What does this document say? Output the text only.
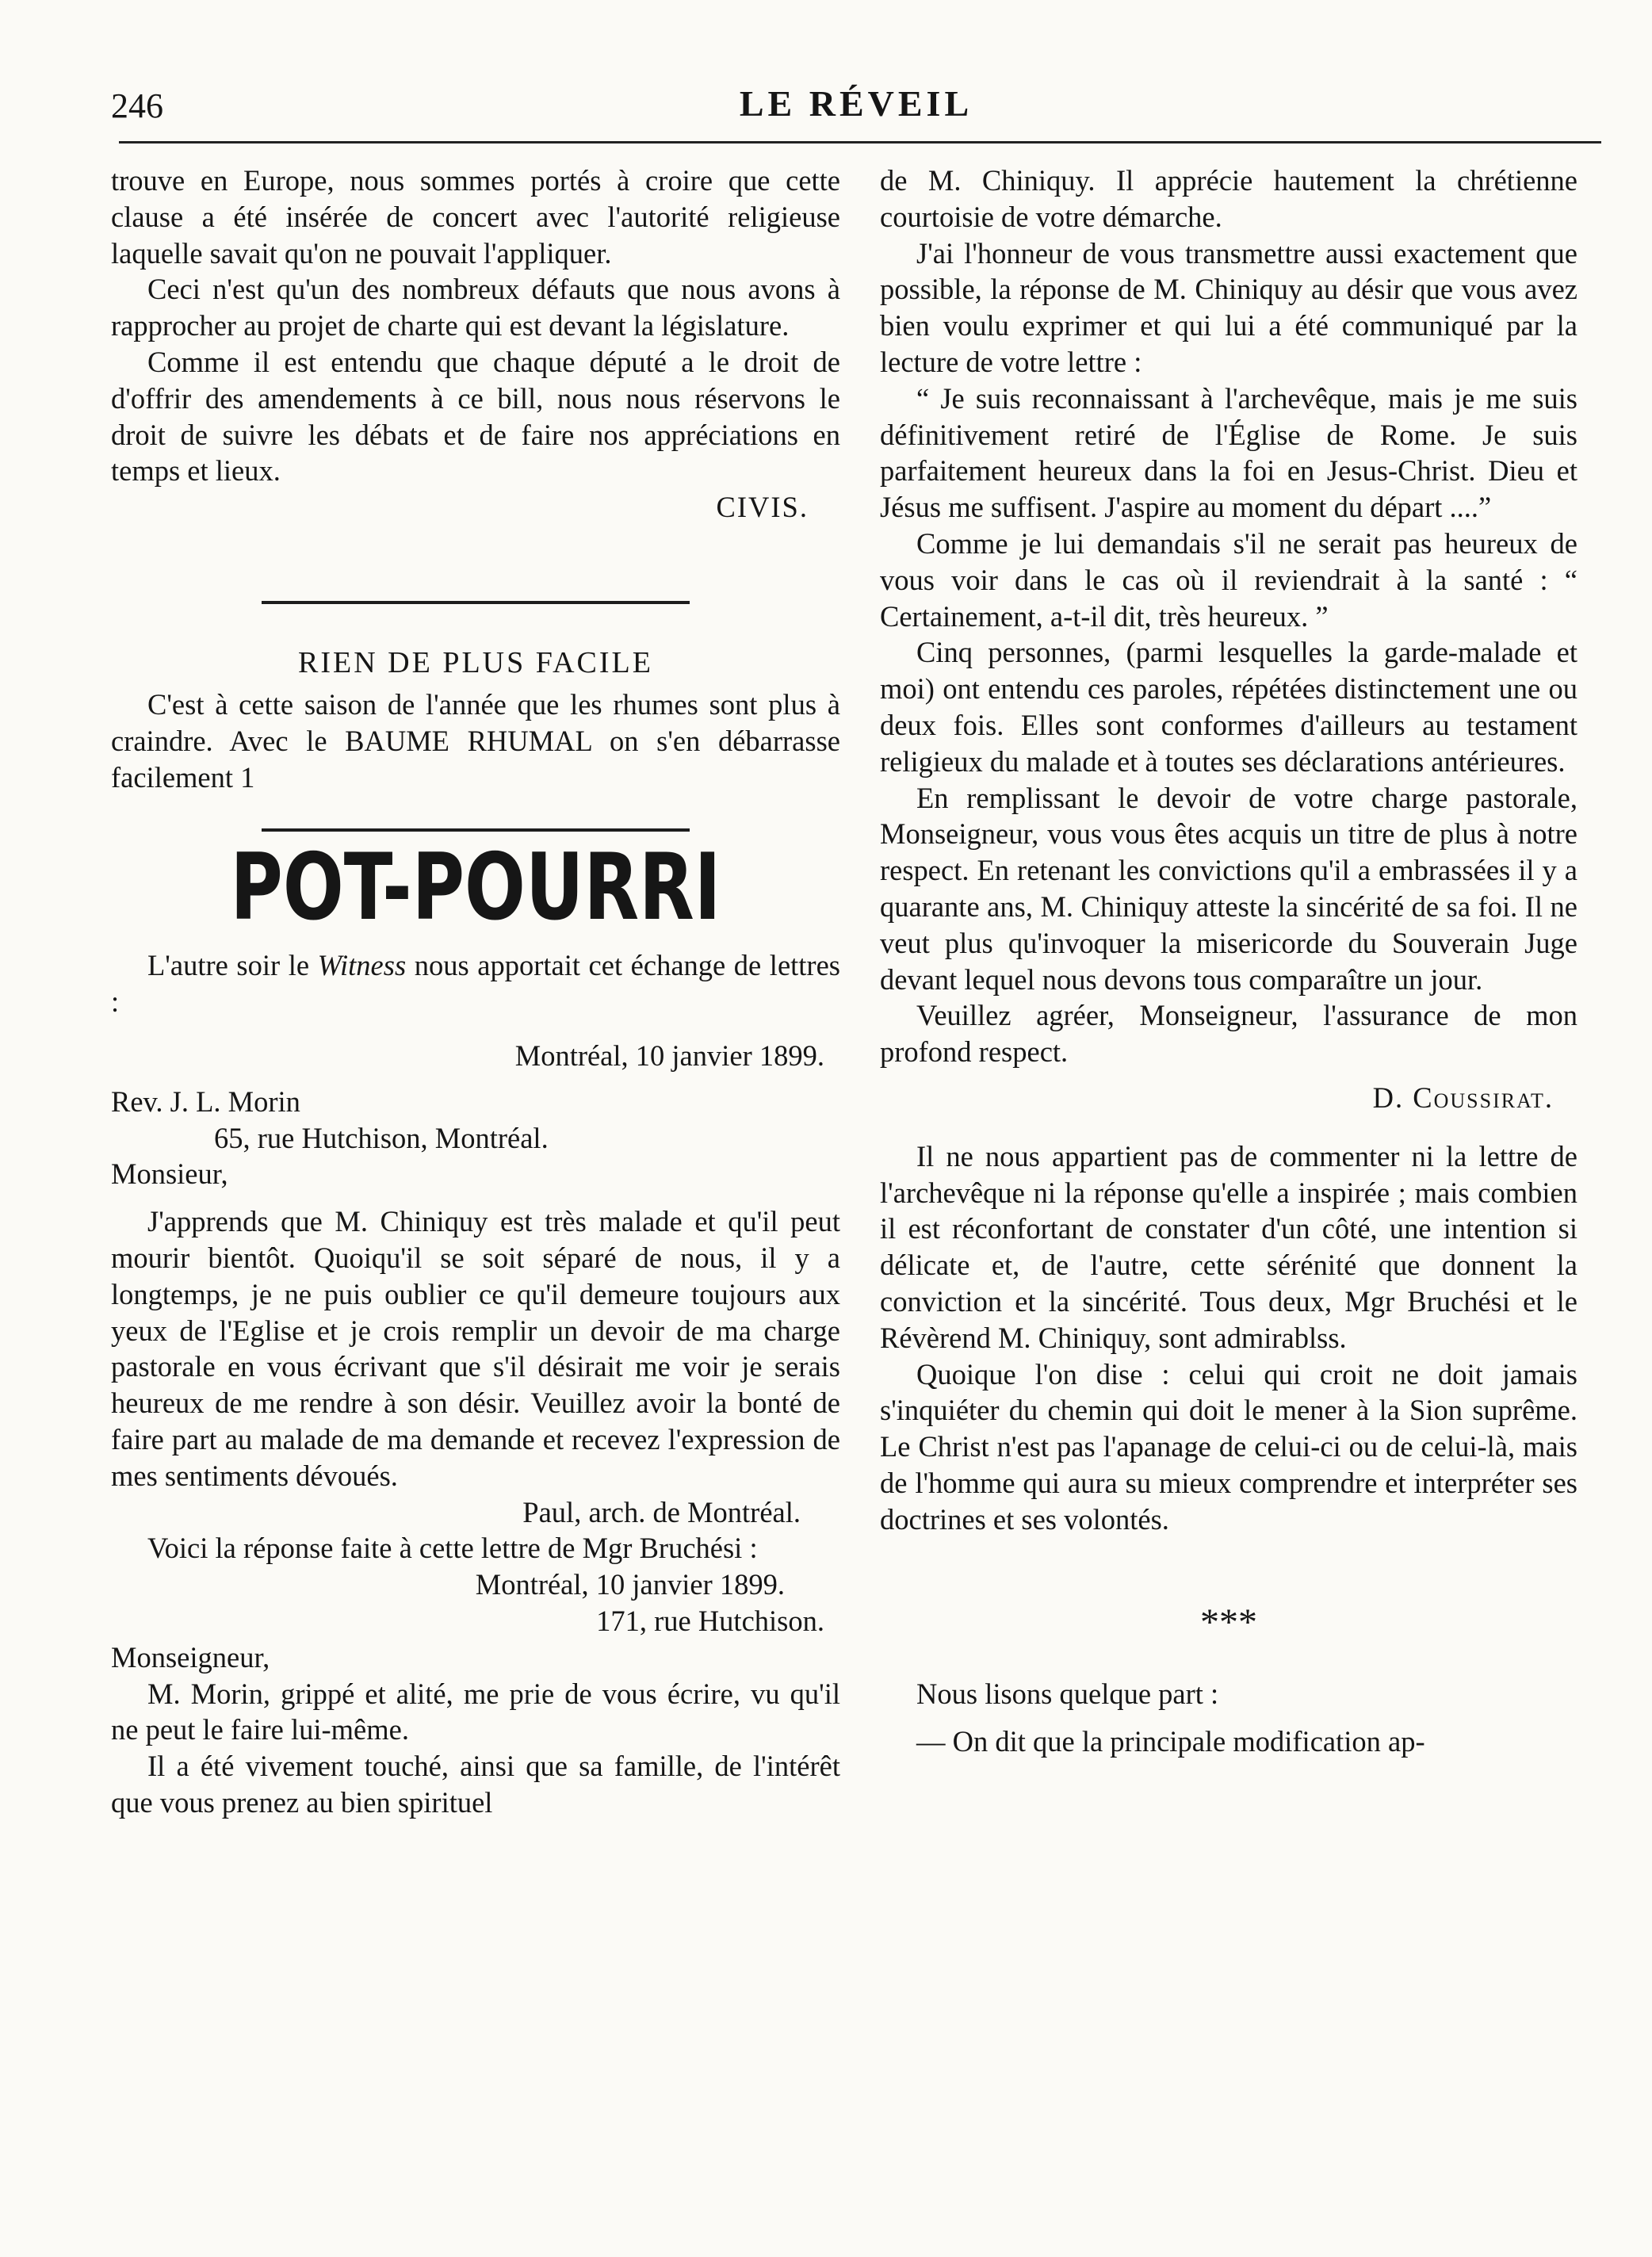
246	LE RÉVEIL

trouve en Europe, nous sommes portés à croire que cette clause a été insérée de concert avec l'autorité religieuse laquelle savait qu'on ne pouvait l'appliquer.

Ceci n'est qu'un des nombreux défauts que nous avons à rapprocher au projet de charte qui est devant la législature.

Comme il est entendu que chaque député a le droit de d'offrir des amendements à ce bill, nous nous réservons le droit de suivre les débats et de faire nos appréciations en temps et lieux.

CIVIS.

RIEN DE PLUS FACILE

C'est à cette saison de l'année que les rhumes sont plus à craindre. Avec le BAUME RHUMAL on s'en débarrasse facilement 1

POT-POURRI

L'autre soir le Witness nous apportait cet échange de lettres :

Montréal, 10 janvier 1899.

Rev. J. L. Morin

65, rue Hutchison, Montréal.

Monsieur,

J'apprends que M. Chiniquy est très malade et qu'il peut mourir bientôt. Quoiqu'il se soit séparé de nous, il y a longtemps, je ne puis oublier ce qu'il demeure toujours aux yeux de l'Eglise et je crois remplir un devoir de ma charge pastorale en vous écrivant que s'il désirait me voir je serais heureux de me rendre à son désir. Veuillez avoir la bonté de faire part au malade de ma demande et recevez l'expression de mes sentiments dévoués.

Paul, arch. de Montréal.

Voici la réponse faite à cette lettre de Mgr Bruchési :

Montréal, 10 janvier 1899.

171, rue Hutchison.

Monseigneur,

M. Morin, grippé et alité, me prie de vous écrire, vu qu'il ne peut le faire lui-même.

Il a été vivement touché, ainsi que sa famille, de l'intérêt que vous prenez au bien spirituel

de M. Chiniquy. Il apprécie hautement la chrétienne courtoisie de votre démarche.

J'ai l'honneur de vous transmettre aussi exactement que possible, la réponse de M. Chiniquy au désir que vous avez bien voulu exprimer et qui lui a été communiqué par la lecture de votre lettre :

“ Je suis reconnaissant à l'archevêque, mais je me suis définitivement retiré de l'Église de Rome. Je suis parfaitement heureux dans la foi en Jesus-Christ. Dieu et Jésus me suffisent. J'aspire au moment du départ ....”

Comme je lui demandais s'il ne serait pas heureux de vous voir dans le cas où il reviendrait à la santé : “ Certainement, a-t-il dit, très heureux. ”

Cinq personnes, (parmi lesquelles la garde-malade et moi) ont entendu ces paroles, répétées distinctement une ou deux fois. Elles sont conformes d'ailleurs au testament religieux du malade et à toutes ses déclarations antérieures.

En remplissant le devoir de votre charge pastorale, Monseigneur, vous vous êtes acquis un titre de plus à notre respect. En retenant les convictions qu'il a embrassées il y a quarante ans, M. Chiniquy atteste la sincérité de sa foi. Il ne veut plus qu'invoquer la misericorde du Souverain Juge devant lequel nous devons tous comparaître un jour.

Veuillez agréer, Monseigneur, l'assurance de mon profond respect.

D. Coussirat.

Il ne nous appartient pas de commenter ni la lettre de l'archevêque ni la réponse qu'elle a inspirée ; mais combien il est réconfortant de constater d'un côté, une intention si délicate et, de l'autre, cette sérénité que donnent la conviction et la sincérité. Tous deux, Mgr Bruchési et le Révèrend M. Chiniquy, sont admirablss.

Quoique l'on dise : celui qui croit ne doit jamais s'inquiéter du chemin qui doit le mener à la Sion suprême. Le Christ n'est pas l'apanage de celui-ci ou de celui-là, mais de l'homme qui aura su mieux comprendre et interpréter ses doctrines et ses volontés.

***

Nous lisons quelque part :

— On dit que la principale modification ap-
